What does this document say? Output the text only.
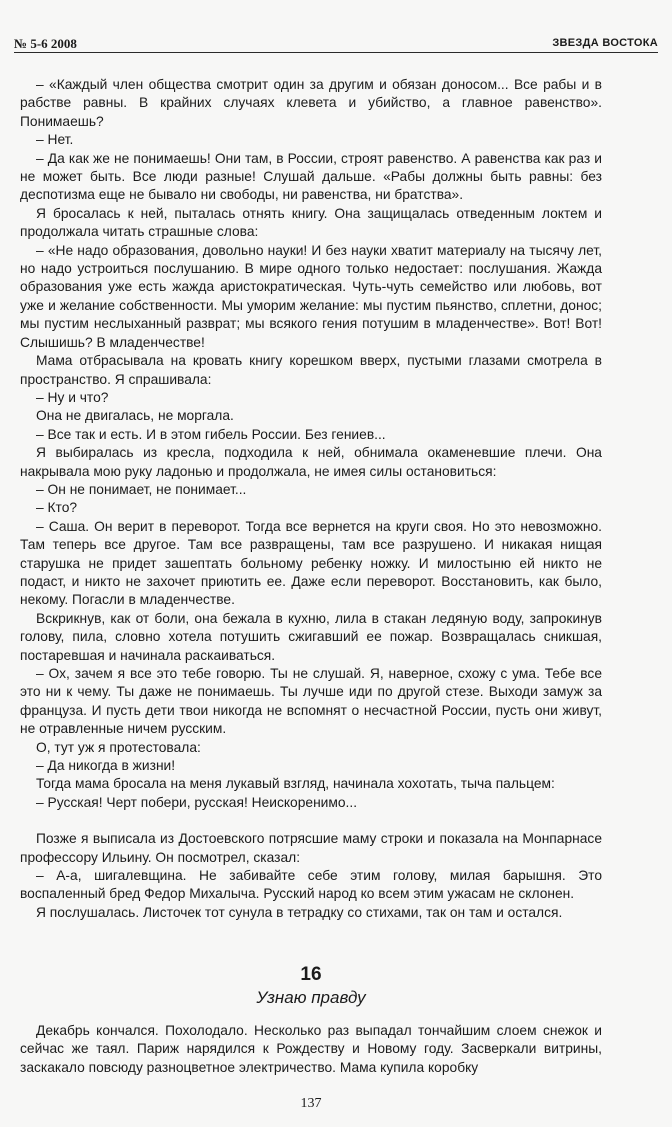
№ 5-6 2008	ЗВЕЗДА ВОСТОКА

– «Каждый член общества смотрит один за другим и обязан доносом... Все рабы и в рабстве равны. В крайних случаях клевета и убийство, а главное равенство». Понимаешь?

– Нет.

– Да как же не понимаешь! Они там, в России, строят равенство. А равенства как раз и не может быть. Все люди разные! Слушай дальше. «Рабы должны быть равны: без деспотизма еще не бывало ни свободы, ни равенства, ни братства».

Я бросалась к ней, пыталась отнять книгу. Она защищалась отведенным локтем и продолжала читать страшные слова:

– «Не надо образования, довольно науки! И без науки хватит материалу на тысячу лет, но надо устроиться послушанию. В мире одного только недостает: послушания. Жажда образования уже есть жажда аристократическая. Чуть-чуть семейство или любовь, вот уже и желание собственности. Мы уморим желание: мы пустим пьянство, сплетни, донос; мы пустим неслыханный разврат; мы всякого гения потушим в младенчестве». Вот! Вот! Слышишь? В младенчестве!

Мама отбрасывала на кровать книгу корешком вверх, пустыми глазами смотрела в пространство. Я спрашивала:

– Ну и что?

Она не двигалась, не моргала.

– Все так и есть. И в этом гибель России. Без гениев...

Я выбиралась из кресла, подходила к ней, обнимала окаменевшие плечи. Она накрывала мою руку ладонью и продолжала, не имея силы остановиться:

– Он не понимает, не понимает...

– Кто?

– Саша. Он верит в переворот. Тогда все вернется на круги своя. Но это невозможно. Там теперь все другое. Там все развращены, там все разрушено. И никакая нищая старушка не придет зашептать больному ребенку ножку. И милостыню ей никто не подаст, и никто не захочет приютить ее. Даже если переворот. Восстановить, как было, некому. Погасли в младенчестве.

Вскрикнув, как от боли, она бежала в кухню, лила в стакан ледяную воду, запрокинув голову, пила, словно хотела потушить сжигавший ее пожар. Возвращалась сникшая, постаревшая и начинала раскаиваться.

– Ох, зачем я все это тебе говорю. Ты не слушай. Я, наверное, схожу с ума. Тебе все это ни к чему. Ты даже не понимаешь. Ты лучше иди по другой стезе. Выходи замуж за француза. И пусть дети твои никогда не вспомнят о несчастной России, пусть они живут, не отравленные ничем русским.

О, тут уж я протестовала:

– Да никогда в жизни!

Тогда мама бросала на меня лукавый взгляд, начинала хохотать, тыча пальцем:

– Русская! Черт побери, русская! Неискоренимо...

Позже я выписала из Достоевского потрясшие маму строки и показала на Монпарнасе профессору Ильину. Он посмотрел, сказал:

– А-а, шигалевщина. Не забивайте себе этим голову, милая барышня. Это воспаленный бред Федор Михалыча. Русский народ ко всем этим ужасам не склонен.

Я послушалась. Листочек тот сунула в тетрадку со стихами, так он там и остался.

16
Узнаю правду

Декабрь кончался. Похолодало. Несколько раз выпадал тончайшим слоем снежок и сейчас же таял. Париж нарядился к Рождеству и Новому году. Засверкали витрины, заскакало повсюду разноцветное электричество. Мама купила коробку

137
